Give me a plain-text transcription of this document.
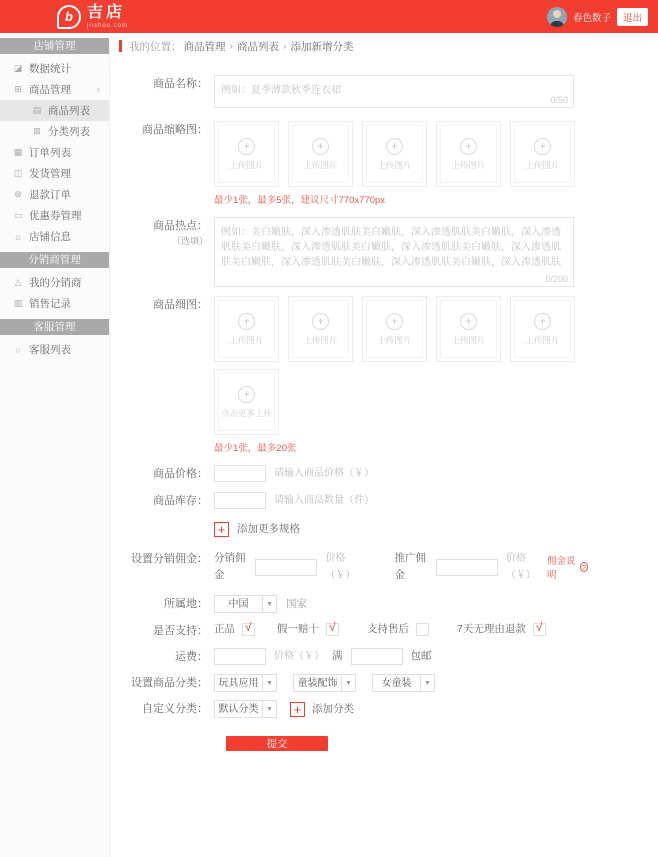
b 吉店
jiishoo.com
春色数子	退出
店铺管理
◪ 数据统计
⊞ 商品管理 ›
▤ 商品列表
⊠ 分类列表
▦ 订单列表
◫ 发货管理
⊗ 退款订单
▭ 优惠券管理
⌂ 店铺信息
分销商管理
△ 我的分销商
▥ 销售记录
客服管理
○ 客服列表
我的位置： 商品管理 › 商品列表 › 添加新增分类
商品名称：
例如：夏季薄款秋季连衣裙
0/50
商品缩略图：
+
上传图片
+
上传图片
+
上传图片
+
上传图片
+
上传图片
最少1张，最多5张，建议尺寸770x770px
商品热点：
（选填）
例如：美白嫩肤，深入渗透肌肤美白嫩肤，深入渗透肌肤美白嫩肤，深入渗透肌肤美白嫩肤，深入渗透肌肤美白嫩肤，深入渗透肌肤美白嫩肤，深入渗透肌肤美白嫩肤，深入渗透肌肤美白嫩肤，深入渗透肌肤美白嫩肤，深入渗透肌肤美白嫩肤，深入渗透肌肤美白嫩肤，深入渗透肌肤。
0/200
商品细图：
+
上传图片
+
上传图片
+
上传图片
+
上传图片
+
上传图片
+
点击更多上传
最少1张，最多20张
商品价格：	请输入商品价格（￥）
商品库存：	请输入商品数量（件）
+	添加更多规格
设置分销佣金： 分销佣金
价格（￥）
推广佣金
价格（￥）
佣金说明
?
所属地：	中国	▼ 国家
是否支持： 正品 √ 假一赔十 √	支持售后	7天无理由退款 √
运费：	价格（￥） 满	包邮
设置商品分类：	玩具应用	▼	童装配饰	▼	女童装	▼
自定义分类：	默认分类	▼ +	添加分类
提交
